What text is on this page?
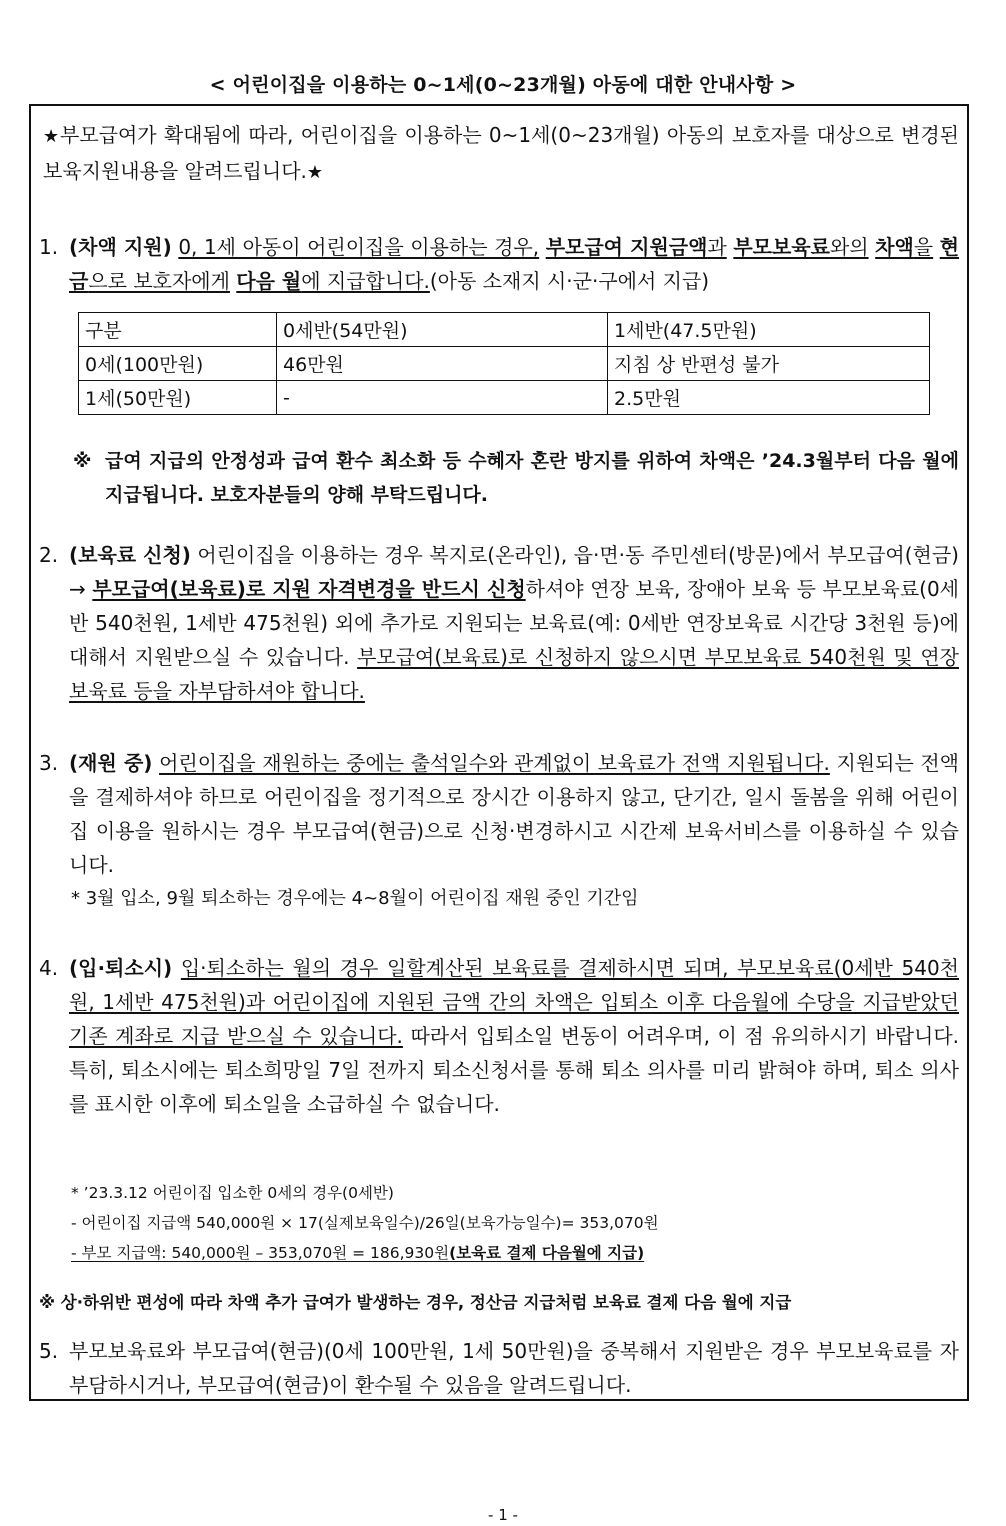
< 어린이집을 이용하는 0~1세(0~23개월) 아동에 대한 안내사항 >
★부모급여가 확대됨에 따라, 어린이집을 이용하는 0~1세(0~23개월) 아동의 보호자를 대상으로 변경된 보육지원내용을 알려드립니다.★
1. (차액 지원) 0, 1세 아동이 어린이집을 이용하는 경우, 부모급여 지원금액과 부모보육료와의 차액을 현금으로 보호자에게 다음 월에 지급합니다.(아동 소재지 시·군·구에서 지급)
구분	0세반(54만원)	1세반(47.5만원)
0세(100만원)	46만원	지침 상 반편성 불가
1세(50만원)	-	2.5만원
※ 급여 지급의 안정성과 급여 환수 최소화 등 수혜자 혼란 방지를 위하여 차액은 ’24.3월부터 다음 월에 지급됩니다. 보호자분들의 양해 부탁드립니다.
2. (보육료 신청) 어린이집을 이용하는 경우 복지로(온라인), 읍·면·동 주민센터(방문)에서 부모급여(현금) → 부모급여(보육료)로 지원 자격변경을 반드시 신청하셔야 연장 보육, 장애아 보육 등 부모보육료(0세반 540천원, 1세반 475천원) 외에 추가로 지원되는 보육료(예: 0세반 연장보육료 시간당 3천원 등)에 대해서 지원받으실 수 있습니다. 부모급여(보육료)로 신청하지 않으시면 부모보육료 540천원 및 연장보육료 등을 자부담하셔야 합니다.
3. (재원 중) 어린이집을 재원하는 중에는 출석일수와 관계없이 보육료가 전액 지원됩니다. 지원되는 전액을 결제하셔야 하므로 어린이집을 정기적으로 장시간 이용하지 않고, 단기간, 일시 돌봄을 위해 어린이집 이용을 원하시는 경우 부모급여(현금)으로 신청·변경하시고 시간제 보육서비스를 이용하실 수 있습니다.
* 3월 입소, 9월 퇴소하는 경우에는 4~8월이 어린이집 재원 중인 기간임
4. (입·퇴소시) 입·퇴소하는 월의 경우 일할계산된 보육료를 결제하시면 되며, 부모보육료(0세반 540천원, 1세반 475천원)과 어린이집에 지원된 금액 간의 차액은 입퇴소 이후 다음월에 수당을 지급받았던 기존 계좌로 지급 받으실 수 있습니다. 따라서 입퇴소일 변동이 어려우며, 이 점 유의하시기 바랍니다. 특히, 퇴소시에는 퇴소희망일 7일 전까지 퇴소신청서를 통해 퇴소 의사를 미리 밝혀야 하며, 퇴소 의사를 표시한 이후에 퇴소일을 소급하실 수 없습니다.
* ’23.3.12 어린이집 입소한 0세의 경우(0세반)
- 어린이집 지급액 540,000원 × 17(실제보육일수)/26일(보육가능일수)= 353,070원
- 부모 지급액: 540,000원 – 353,070원 = 186,930원(보육료 결제 다음월에 지급)
※ 상·하위반 편성에 따라 차액 추가 급여가 발생하는 경우, 정산금 지급처럼 보육료 결제 다음 월에 지급
5. 부모보육료와 부모급여(현금)(0세 100만원, 1세 50만원)을 중복해서 지원받은 경우 부모보육료를 자부담하시거나, 부모급여(현금)이 환수될 수 있음을 알려드립니다.
- 1 -
